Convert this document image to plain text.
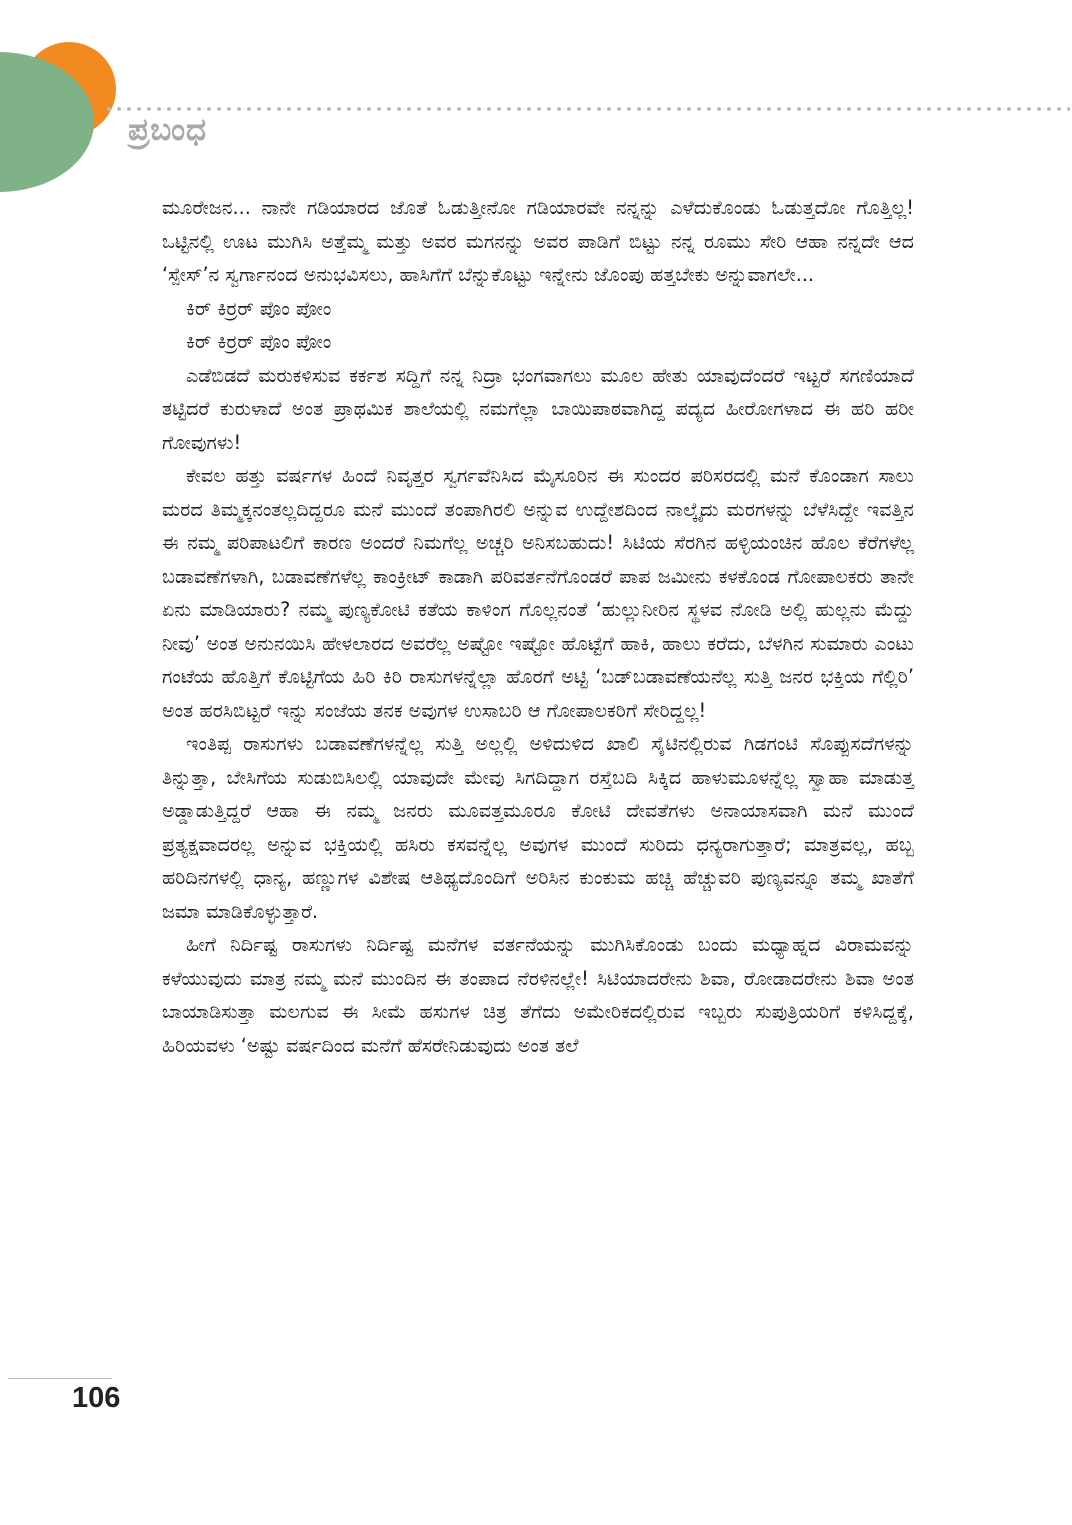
ಪ್ರಬಂಧ

ಮೂರೇಜನ... ನಾನೇ ಗಡಿಯಾರದ ಜೊತೆ ಓಡುತ್ತೀನೋ ಗಡಿಯಾರವೇ ನನ್ನನ್ನು ಎಳೆದುಕೊಂಡು ಓಡುತ್ತದೋ ಗೊತ್ತಿಲ್ಲ! ಒಟ್ಟಿನಲ್ಲಿ ಊಟ ಮುಗಿಸಿ ಅತ್ತೆಮ್ಮ ಮತ್ತು ಅವರ ಮಗನನ್ನು ಅವರ ಪಾಡಿಗೆ ಬಿಟ್ಟು ನನ್ನ ರೂಮು ಸೇರಿ ಆಹಾ ನನ್ನದೇ ಆದ ‘ಸ್ಪೇಸ್’ನ ಸ್ವರ್ಗಾನಂದ ಅನುಭವಿಸಲು, ಹಾಸಿಗೆಗೆ ಬೆನ್ನುಕೊಟ್ಟು ಇನ್ನೇನು ಜೊಂಪು ಹತ್ತಬೇಕು ಅನ್ನುವಾಗಲೇ...

ಕಿರ್ ಕಿರ್ರರ್ ಪೊಂ ಪೋಂ

ಕಿರ್ ಕಿರ್ರರ್ ಪೊಂ ಪೋಂ

ಎಡೆಬಿಡದೆ ಮರುಕಳಿಸುವ ಕರ್ಕಶ ಸದ್ದಿಗೆ ನನ್ನ ನಿದ್ರಾ ಭಂಗವಾಗಲು ಮೂಲ ಹೇತು ಯಾವುದೆಂದರೆ ಇಟ್ಟರೆ ಸಗಣಿಯಾದೆ ತಟ್ಟಿದರೆ ಕುರುಳಾದೆ ಅಂತ ಪ್ರಾಥಮಿಕ ಶಾಲೆಯಲ್ಲಿ ನಮಗೆಲ್ಲಾ ಬಾಯಿಪಾಠವಾಗಿದ್ದ ಪದ್ಯದ ಹೀರೋಗಳಾದ ಈ ಹರಿ ಹರೀ ಗೋವುಗಳು!

ಕೇವಲ ಹತ್ತು ವರ್ಷಗಳ ಹಿಂದೆ ನಿವೃತ್ತರ ಸ್ವರ್ಗವೆನಿಸಿದ ಮೈಸೂರಿನ ಈ ಸುಂದರ ಪರಿಸರದಲ್ಲಿ ಮನೆ ಕೊಂಡಾಗ ಸಾಲು ಮರದ ತಿಮ್ಮಕ್ಕನಂತಲ್ಲದಿದ್ದರೂ ಮನೆ ಮುಂದೆ ತಂಪಾಗಿರಲಿ ಅನ್ನುವ ಉದ್ದೇಶದಿಂದ ನಾಲ್ಕೈದು ಮರಗಳನ್ನು ಬೆಳೆಸಿದ್ದೇ ಇವತ್ತಿನ ಈ ನಮ್ಮ ಪರಿಪಾಟಲಿಗೆ ಕಾರಣ ಅಂದರೆ ನಿಮಗೆಲ್ಲ ಅಚ್ಚರಿ ಅನಿಸಬಹುದು! ಸಿಟಿಯ ಸೆರಗಿನ ಹಳ್ಳಿಯಂಚಿನ ಹೊಲ ಕೆರೆಗಳೆಲ್ಲ ಬಡಾವಣೆಗಳಾಗಿ, ಬಡಾವಣೆಗಳೆಲ್ಲ ಕಾಂಕ್ರೀಟ್ ಕಾಡಾಗಿ ಪರಿವರ್ತನೆಗೊಂಡರೆ ಪಾಪ ಜಮೀನು ಕಳಕೊಂಡ ಗೋಪಾಲಕರು ತಾನೇ ಏನು ಮಾಡಿಯಾರು? ನಮ್ಮ ಪುಣ್ಯಕೋಟಿ ಕತೆಯ ಕಾಳಿಂಗ ಗೊಲ್ಲನಂತೆ ‘ಹುಲ್ಲುನೀರಿನ ಸ್ಥಳವ ನೋಡಿ ಅಲ್ಲಿ ಹುಲ್ಲನು ಮೆದ್ದು ನೀವು’ ಅಂತ ಅನುನಯಿಸಿ ಹೇಳಲಾರದ ಅವರೆಲ್ಲ ಅಷ್ಟೋ ಇಷ್ಟೋ ಹೊಟ್ಟೆಗೆ ಹಾಕಿ, ಹಾಲು ಕರೆದು, ಬೆಳಗಿನ ಸುಮಾರು ಎಂಟು ಗಂಟೆಯ ಹೊತ್ತಿಗೆ ಕೊಟ್ಟಿಗೆಯ ಹಿರಿ ಕಿರಿ ರಾಸುಗಳನ್ನೆಲ್ಲಾ ಹೊರಗೆ ಅಟ್ಟಿ ‘ಬಡ್‌ಬಡಾವಣೆಯನೆಲ್ಲ ಸುತ್ತಿ ಜನರ ಭಕ್ತಿಯ ಗೆಲ್ಲಿರಿ’ ಅಂತ ಹರಸಿಬಿಟ್ಟರೆ ಇನ್ನು ಸಂಜೆಯ ತನಕ ಅವುಗಳ ಉಸಾಬರಿ ಆ ಗೋಪಾಲಕರಿಗೆ ಸೇರಿದ್ದಲ್ಲ!

ಇಂತಿಪ್ಪ ರಾಸುಗಳು ಬಡಾವಣೆಗಳನ್ನೆಲ್ಲ ಸುತ್ತಿ ಅಲ್ಲಲ್ಲಿ ಅಳಿದುಳಿದ ಖಾಲಿ ಸೈಟಿನಲ್ಲಿರುವ ಗಿಡಗಂಟಿ ಸೊಪ್ಪುಸದೆಗಳನ್ನು ತಿನ್ನುತ್ತಾ, ಬೇಸಿಗೆಯ ಸುಡುಬಿಸಿಲಲ್ಲಿ ಯಾವುದೇ ಮೇವು ಸಿಗದಿದ್ದಾಗ ರಸ್ತೆಬದಿ ಸಿಕ್ಕಿದ ಹಾಳುಮೂಳನ್ನೆಲ್ಲ ಸ್ವಾಹಾ ಮಾಡುತ್ತ ಅಡ್ಡಾಡುತ್ತಿದ್ದರೆ ಆಹಾ ಈ ನಮ್ಮ ಜನರು ಮೂವತ್ತಮೂರೂ ಕೋಟಿ ದೇವತೆಗಳು ಅನಾಯಾಸವಾಗಿ ಮನೆ ಮುಂದೆ ಪ್ರತ್ಯಕ್ಷವಾದರಲ್ಲ ಅನ್ನುವ ಭಕ್ತಿಯಲ್ಲಿ ಹಸಿರು ಕಸವನ್ನೆಲ್ಲ ಅವುಗಳ ಮುಂದೆ ಸುರಿದು ಧನ್ಯರಾಗುತ್ತಾರೆ; ಮಾತ್ರವಲ್ಲ, ಹಬ್ಬ ಹರಿದಿನಗಳಲ್ಲಿ ಧಾನ್ಯ, ಹಣ್ಣುಗಳ ವಿಶೇಷ ಆತಿಥ್ಯದೊಂದಿಗೆ ಅರಿಸಿನ ಕುಂಕುಮ ಹಚ್ಚಿ ಹೆಚ್ಚುವರಿ ಪುಣ್ಯವನ್ನೂ ತಮ್ಮ ಖಾತೆಗೆ ಜಮಾ ಮಾಡಿಕೊಳ್ಳುತ್ತಾರೆ.

ಹೀಗೆ ನಿರ್ದಿಷ್ಟ ರಾಸುಗಳು ನಿರ್ದಿಷ್ಟ ಮನೆಗಳ ವರ್ತನೆಯನ್ನು ಮುಗಿಸಿಕೊಂಡು ಬಂದು ಮಧ್ಯಾಹ್ನದ ವಿರಾಮವನ್ನು ಕಳೆಯುವುದು ಮಾತ್ರ ನಮ್ಮ ಮನೆ ಮುಂದಿನ ಈ ತಂಪಾದ ನೆರಳಿನಲ್ಲೇ! ಸಿಟಿಯಾದರೇನು ಶಿವಾ, ರೋಡಾದರೇನು ಶಿವಾ ಅಂತ ಬಾಯಾಡಿಸುತ್ತಾ ಮಲಗುವ ಈ ಸೀಮೆ ಹಸುಗಳ ಚಿತ್ರ ತೆಗೆದು ಅಮೇರಿಕದಲ್ಲಿರುವ ಇಬ್ಬರು ಸುಪುತ್ರಿಯರಿಗೆ ಕಳಿಸಿದ್ದಕ್ಕೆ, ಹಿರಿಯವಳು ‘ಅಷ್ಟು ವರ್ಷದಿಂದ ಮನೆಗೆ ಹೆಸರೇನಿಡುವುದು ಅಂತ ತಲೆ

106
